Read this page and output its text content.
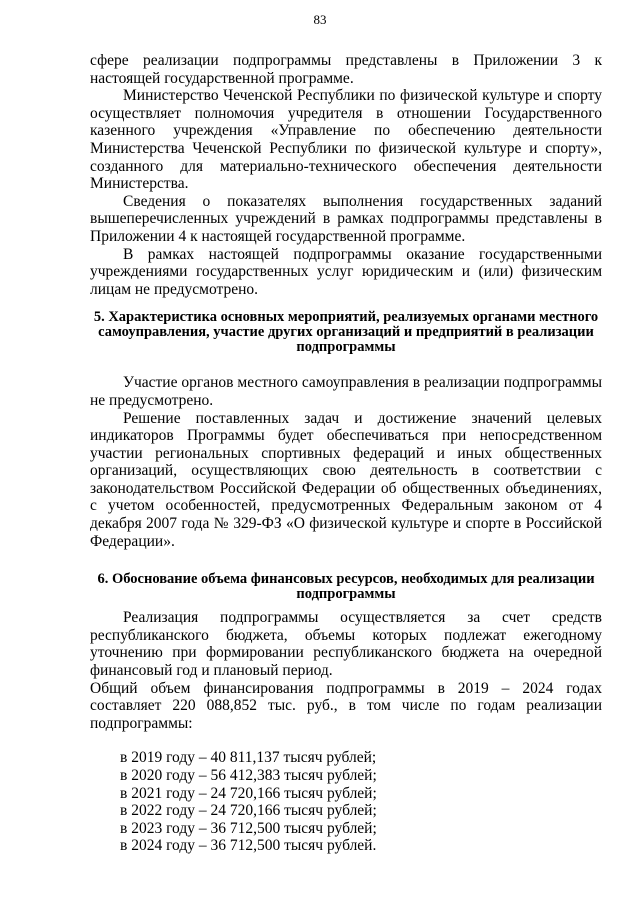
83

сфере реализации подпрограммы представлены в Приложении 3 к настоящей государственной программе.

Министерство Чеченской Республики по физической культуре и спорту осуществляет полномочия учредителя в отношении Государственного казенного учреждения «Управление по обеспечению деятельности Министерства Чеченской Республики по физической культуре и спорту», созданного для материально-технического обеспечения деятельности Министерства.

Сведения о показателях выполнения государственных заданий вышеперечисленных учреждений в рамках подпрограммы представлены в Приложении 4 к настоящей государственной программе.

В рамках настоящей подпрограммы оказание государственными учреждениями государственных услуг юридическим и (или) физическим лицам не предусмотрено.

5. Характеристика основных мероприятий, реализуемых органами местного самоуправления, участие других организаций и предприятий в реализации подпрограммы

Участие органов местного самоуправления в реализации подпрограммы не предусмотрено.

Решение поставленных задач и достижение значений целевых индикаторов Программы будет обеспечиваться при непосредственном участии региональных спортивных федераций и иных общественных организаций, осуществляющих свою деятельность в соответствии с законодательством Российской Федерации об общественных объединениях, с учетом особенностей, предусмотренных Федеральным законом от 4 декабря 2007 года № 329-ФЗ «О физической культуре и спорте в Российской Федерации».

6. Обоснование объема финансовых ресурсов, необходимых для реализации подпрограммы

Реализация подпрограммы осуществляется за счет средств республиканского бюджета, объемы которых подлежат ежегодному уточнению при формировании республиканского бюджета на очередной финансовый год и плановый период.

Общий объем финансирования подпрограммы в 2019 – 2024 годах составляет 220 088,852 тыс. руб., в том числе по годам реализации подпрограммы:

в 2019 году – 40 811,137 тысяч рублей;
в 2020 году – 56 412,383 тысяч рублей;
в 2021 году – 24 720,166 тысяч рублей;
в 2022 году – 24 720,166 тысяч рублей;
в 2023 году – 36 712,500 тысяч рублей;
в 2024 году – 36 712,500 тысяч рублей.
